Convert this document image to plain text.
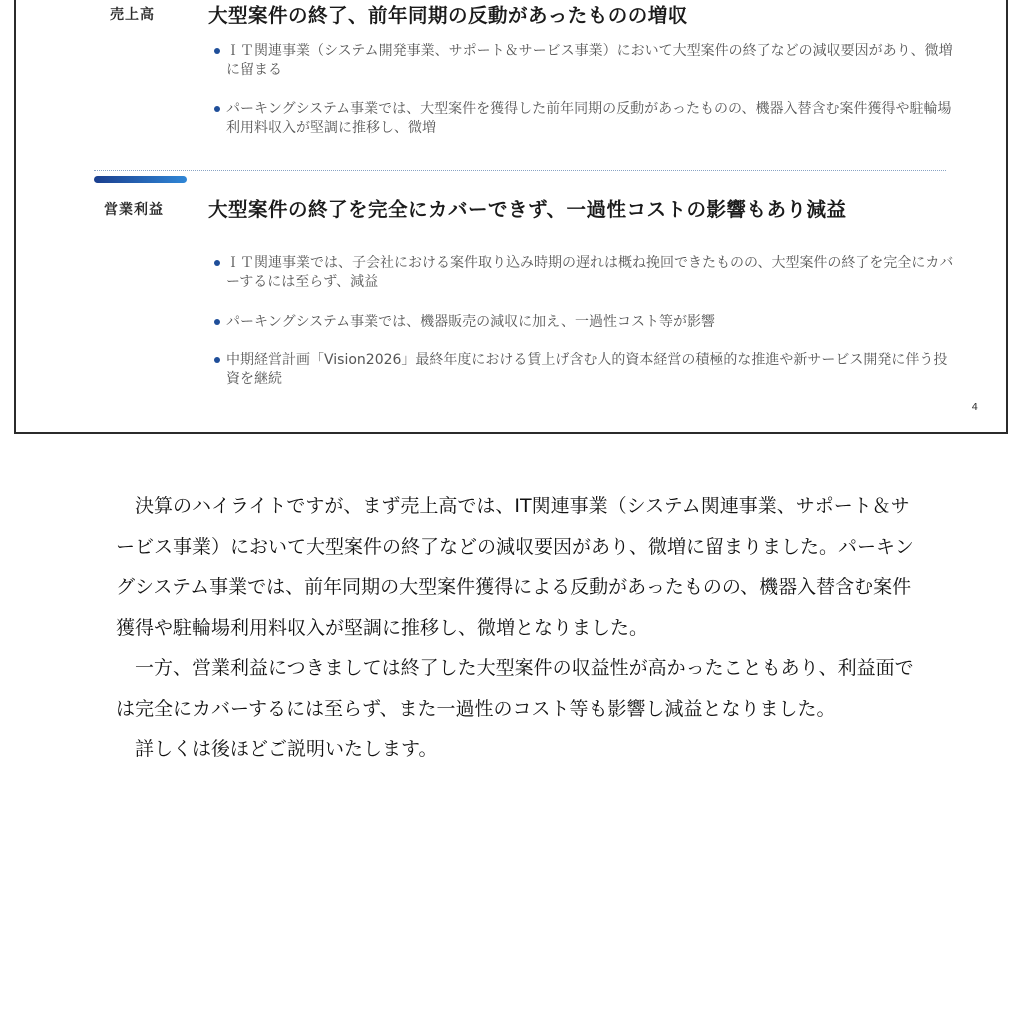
売上高	大型案件の終了、前年同期の反動があったものの増収
ＩＴ関連事業（システム開発事業、サポート＆サービス事業）において大型案件の終了などの減収要因があり、微増に留まる
パーキングシステム事業では、大型案件を獲得した前年同期の反動があったものの、機器入替含む案件獲得や駐輪場利用料収入が堅調に推移し、微増
営業利益 大型案件の終了を完全にカバーできず、一過性コストの影響もあり減益
ＩＴ関連事業では、子会社における案件取り込み時期の遅れは概ね挽回できたものの、大型案件の終了を完全にカバーするには至らず、減益
パーキングシステム事業では、機器販売の減収に加え、一過性コスト等が影響
中期経営計画「Vision2026」最終年度における賃上げ含む人的資本経営の積極的な推進や新サービス開発に伴う投資を継続
4

決算のハイライトですが、まず売上高では、IT関連事業（システム関連事業、サポート＆サービス事業）において大型案件の終了などの減収要因があり、微増に留まりました。パーキングシステム事業では、前年同期の大型案件獲得による反動があったものの、機器入替含む案件獲得や駐輪場利用料収入が堅調に推移し、微増となりました。

一方、営業利益につきましては終了した大型案件の収益性が高かったこともあり、利益面では完全にカバーするには至らず、また一過性のコスト等も影響し減益となりました。

詳しくは後ほどご説明いたします。
